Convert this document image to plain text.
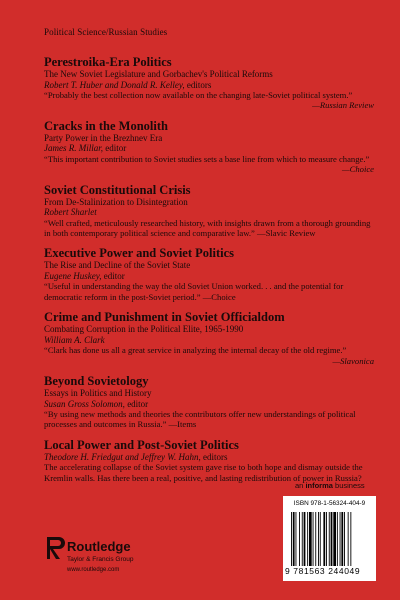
Political Science/Russian Studies
Perestroika-Era Politics
The New Soviet Legislature and Gorbachev's Political Reforms
Robert T. Huber and Donald R. Kelley, editors
“Probably the best collection now available on the changing late-Soviet political system.”
—Russian Review
Cracks in the Monolith
Party Power in the Brezhnev Era
James R. Millar, editor
“This important contribution to Soviet studies sets a base line from which to measure change.”
—Choice
Soviet Constitutional Crisis
From De-Stalinization to Disintegration
Robert Sharlet
“Well crafted, meticulously researched history, with insights drawn from a thorough grounding in both contemporary political science and comparative law.” —Slavic Review
Executive Power and Soviet Politics
The Rise and Decline of the Soviet State
Eugene Huskey, editor
“Useful in understanding the way the old Soviet Union worked. . . and the potential for democratic reform in the post-Soviet period.” —Choice
Crime and Punishment in Soviet Officialdom
Combating Corruption in the Political Elite, 1965-1990
William A. Clark
“Clark has done us all a great service in analyzing the internal decay of the old regime.”
—Slavonica
Beyond Sovietology
Essays in Politics and History
Susan Gross Solomon, editor
“By using new methods and theories the contributors offer new understandings of political processes and outcomes in Russia.” —Items
Local Power and Post-Soviet Politics
Theodore H. Friedgut and Jeffrey W. Hahn, editors
The accelerating collapse of the Soviet system gave rise to both hope and dismay outside the Kremlin walls. Has there been a real, positive, and lasting redistribution of power in Russia?
an informa business
Routledge
Taylor & Francis Group
www.routledge.com
ISBN 978-1-56324-404-9
9 781563 244049
